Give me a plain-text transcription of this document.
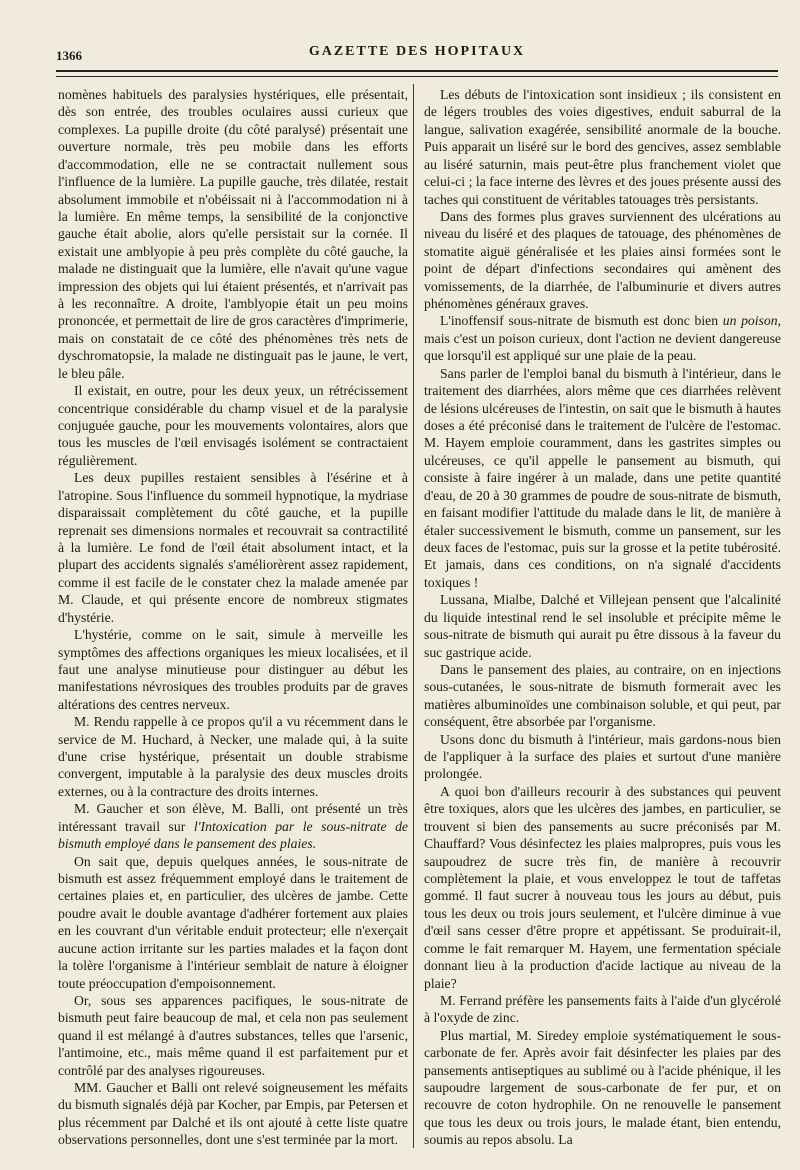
1366	GAZETTE DES HOPITAUX

nomènes habituels des paralysies hystériques, elle présentait, dès son entrée, des troubles oculaires aussi curieux que complexes. La pupille droite (du côté paralysé) présentait une ouverture normale, très peu mobile dans les efforts d'accommodation, elle ne se contractait nullement sous l'influence de la lumière. La pupille gauche, très dilatée, restait absolument immobile et n'obéissait ni à l'accommodation ni à la lumière. En même temps, la sensibilité de la conjonctive gauche était abolie, alors qu'elle persistait sur la cornée. Il existait une amblyopie à peu près complète du côté gauche, la malade ne distinguait que la lumière, elle n'avait qu'une vague impression des objets qui lui étaient présentés, et n'arrivait pas à les reconnaître. A droite, l'amblyopie était un peu moins prononcée, et permettait de lire de gros caractères d'imprimerie, mais on constatait de ce côté des phénomènes très nets de dyschromatopsie, la malade ne distinguait pas le jaune, le vert, le bleu pâle.

Il existait, en outre, pour les deux yeux, un rétrécissement concentrique considérable du champ visuel et de la paralysie conjuguée gauche, pour les mouvements volontaires, alors que tous les muscles de l'œil envisagés isolément se contractaient régulièrement.

Les deux pupilles restaient sensibles à l'ésérine et à l'atropine. Sous l'influence du sommeil hypnotique, la mydriase disparaissait complètement du côté gauche, et la pupille reprenait ses dimensions normales et recouvrait sa contractilité à la lumière. Le fond de l'œil était absolument intact, et la plupart des accidents signalés s'améliorèrent assez rapidement, comme il est facile de le constater chez la malade amenée par M. Claude, et qui présente encore de nombreux stigmates d'hystérie.

L'hystérie, comme on le sait, simule à merveille les symptômes des affections organiques les mieux localisées, et il faut une analyse minutieuse pour distinguer au début les manifestations névrosiques des troubles produits par de graves altérations des centres nerveux.

M. Rendu rappelle à ce propos qu'il a vu récemment dans le service de M. Huchard, à Necker, une malade qui, à la suite d'une crise hystérique, présentait un double strabisme convergent, imputable à la paralysie des deux muscles droits externes, ou à la contracture des droits internes.

M. Gaucher et son élève, M. Balli, ont présenté un très intéressant travail sur l'Intoxication par le sous-nitrate de bismuth employé dans le pansement des plaies.

On sait que, depuis quelques années, le sous-nitrate de bismuth est assez fréquemment employé dans le traitement de certaines plaies et, en particulier, des ulcères de jambe. Cette poudre avait le double avantage d'adhérer fortement aux plaies en les couvrant d'un véritable enduit protecteur; elle n'exerçait aucune action irritante sur les parties malades et la façon dont la tolère l'organisme à l'intérieur semblait de nature à éloigner toute préoccupation d'empoisonnement.

Or, sous ses apparences pacifiques, le sous-nitrate de bismuth peut faire beaucoup de mal, et cela non pas seulement quand il est mélangé à d'autres substances, telles que l'arsenic, l'antimoine, etc., mais même quand il est parfaitement pur et contrôlé par des analyses rigoureuses.

MM. Gaucher et Balli ont relevé soigneusement les méfaits du bismuth signalés déjà par Kocher, par Empis, par Petersen et plus récemment par Dalché et ils ont ajouté à cette liste quatre observations personnelles, dont une s'est terminée par la mort.

Les débuts de l'intoxication sont insidieux ; ils consistent en de légers troubles des voies digestives, enduit saburral de la langue, salivation exagérée, sensibilité anormale de la bouche. Puis apparait un liséré sur le bord des gencives, assez semblable au liséré saturnin, mais peut-être plus franchement violet que celui-ci ; la face interne des lèvres et des joues présente aussi des taches qui constituent de véritables tatouages très persistants.

Dans des formes plus graves surviennent des ulcérations au niveau du liséré et des plaques de tatouage, des phénomènes de stomatite aiguë généralisée et les plaies ainsi formées sont le point de départ d'infections secondaires qui amènent des vomissements, de la diarrhée, de l'albuminurie et divers autres phénomènes généraux graves.

L'inoffensif sous-nitrate de bismuth est donc bien un poison, mais c'est un poison curieux, dont l'action ne devient dangereuse que lorsqu'il est appliqué sur une plaie de la peau.

Sans parler de l'emploi banal du bismuth à l'intérieur, dans le traitement des diarrhées, alors même que ces diarrhées relèvent de lésions ulcéreuses de l'intestin, on sait que le bismuth à hautes doses a été préconisé dans le traitement de l'ulcère de l'estomac. M. Hayem emploie couramment, dans les gastrites simples ou ulcéreuses, ce qu'il appelle le pansement au bismuth, qui consiste à faire ingérer à un malade, dans une petite quantité d'eau, de 20 à 30 grammes de poudre de sous-nitrate de bismuth, en faisant modifier l'attitude du malade dans le lit, de manière à étaler successivement le bismuth, comme un pansement, sur les deux faces de l'estomac, puis sur la grosse et la petite tubérosité. Et jamais, dans ces conditions, on n'a signalé d'accidents toxiques !

Lussana, Mialbe, Dalché et Villejean pensent que l'alcalinité du liquide intestinal rend le sel insoluble et précipite même le sous-nitrate de bismuth qui aurait pu être dissous à la faveur du suc gastrique acide.

Dans le pansement des plaies, au contraire, on en injections sous-cutanées, le sous-nitrate de bismuth formerait avec les matières albuminoïdes une combinaison soluble, et qui peut, par conséquent, être absorbée par l'organisme.

Usons donc du bismuth à l'intérieur, mais gardons-nous bien de l'appliquer à la surface des plaies et surtout d'une manière prolongée.

A quoi bon d'ailleurs recourir à des substances qui peuvent être toxiques, alors que les ulcères des jambes, en particulier, se trouvent si bien des pansements au sucre préconisés par M. Chauffard? Vous désinfectez les plaies malpropres, puis vous les saupoudrez de sucre très fin, de manière à recouvrir complètement la plaie, et vous enveloppez le tout de taffetas gommé. Il faut sucrer à nouveau tous les jours au début, puis tous les deux ou trois jours seulement, et l'ulcère diminue à vue d'œil sans cesser d'être propre et appétissant. Se produirait-il, comme le fait remarquer M. Hayem, une fermentation spéciale donnant lieu à la production d'acide lactique au niveau de la plaie?

M. Ferrand préfère les pansements faits à l'aide d'un glycérolé à l'oxyde de zinc.

Plus martial, M. Siredey emploie systématiquement le sous-carbonate de fer. Après avoir fait désinfecter les plaies par des pansements antiseptiques au sublimé ou à l'acide phénique, il les saupoudre largement de sous-carbonate de fer pur, et on recouvre de coton hydrophile. On ne renouvelle le pansement que tous les deux ou trois jours, le malade étant, bien entendu, soumis au repos absolu. La
